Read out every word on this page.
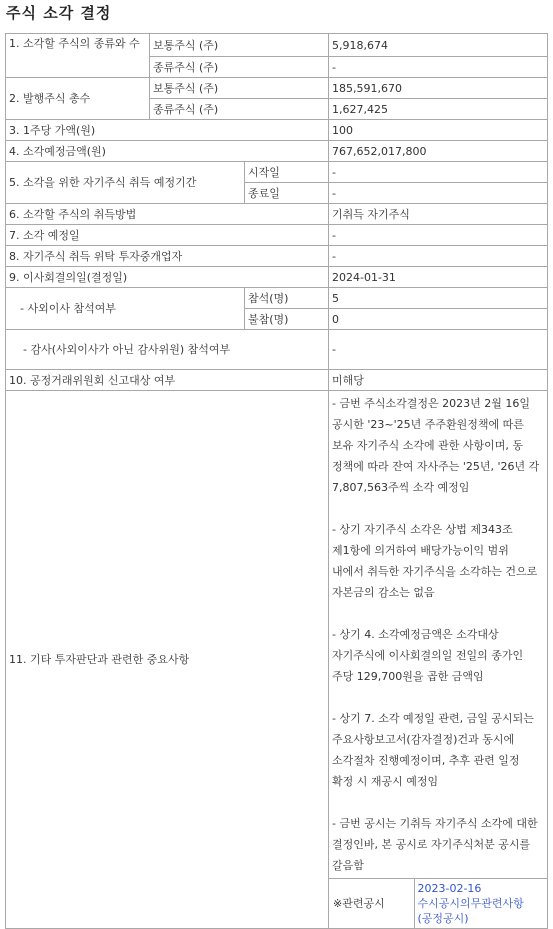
주식 소각 결정
1. 소각할 주식의 종류와 수	보통주식 (주)	5,918,674
종류주식 (주)	-
2. 발행주식 총수	보통주식 (주)	185,591,670
종류주식 (주)	1,627,425
3. 1주당 가액(원)	100
4. 소각예정금액(원)	767,652,017,800
5. 소각을 위한 자기주식 취득 예정기간	시작일	-
종료일	-
6. 소각할 주식의 취득방법	기취득 자기주식
7. 소각 예정일	-
8. 자기주식 취득 위탁 투자중개업자	-
9. 이사회결의일(결정일)	2024-01-31
- 사외이사 참석여부	참석(명)	5
불참(명)	0
- 감사(사외이사가 아닌 감사위원) 참석여부	-
10. 공정거래위원회 신고대상 여부	미해당
11. 기타 투자판단과 관련한 중요사항	
- 금번 주식소각결정은 2023년 2월 16일 공시한 '23~'25년 주주환원정책에 따른 보유 자기주식 소각에 관한 사항이며, 동 정책에 따라 잔여 자사주는 '25년, '26년 각 7,807,563주씩 소각 예정임
- 상기 자기주식 소각은 상법 제343조 제1항에 의거하여 배당가능이익 범위 내에서 취득한 자기주식을 소각하는 건으로 자본금의 감소는 없음
- 상기 4. 소각예정금액은 소각대상 자기주식에 이사회결의일 전일의 종가인 주당 129,700원을 곱한 금액임
- 상기 7. 소각 예정일 관련, 금일 공시되는 주요사항보고서(감자결정)건과 동시에 소각절차 진행예정이며, 추후 관련 일정 확정 시 재공시 예정임
- 금번 공시는 기취득 자기주식 소각에 대한 결정인바, 본 공시로 자기주식처분 공시를 갈음함

※관련공시	2023-02-16 수시공시의무관련사항(공정공시)
